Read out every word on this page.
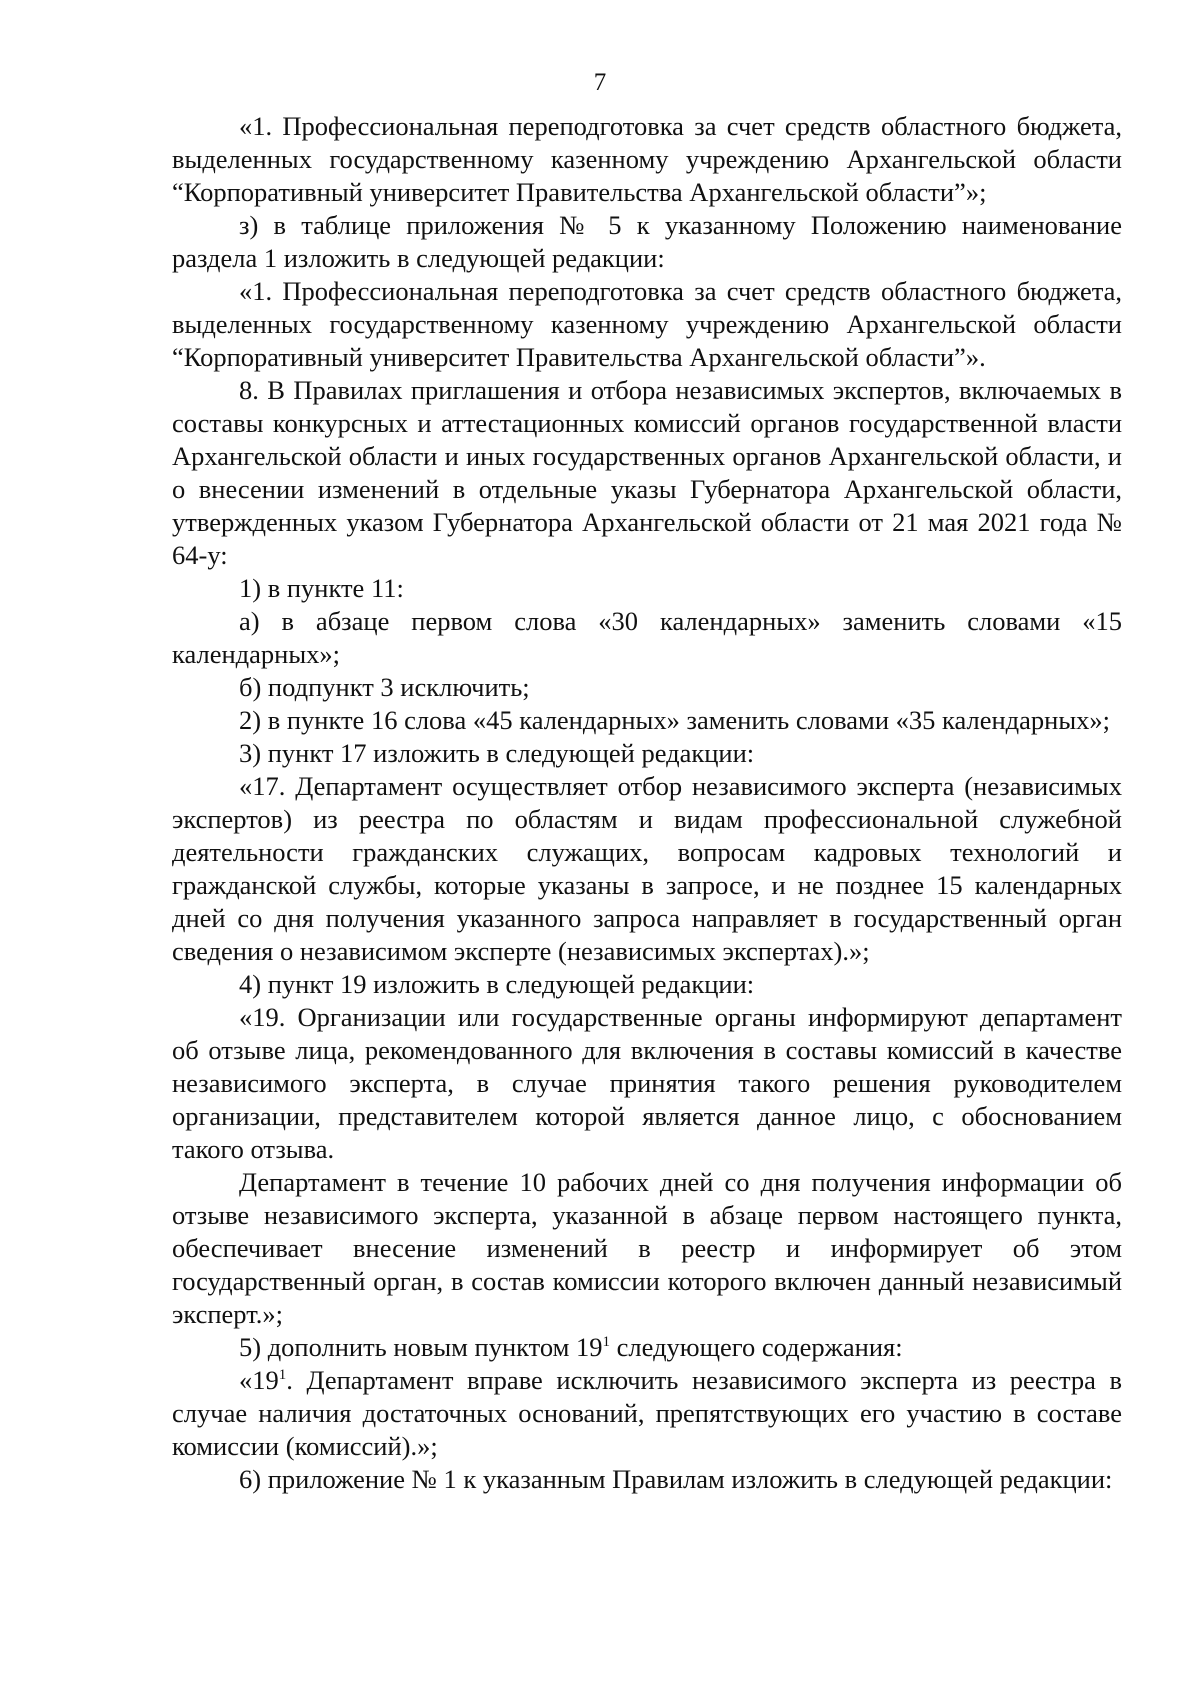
7

«1. Профессиональная переподготовка за счет средств областного бюджета, выделенных государственному казенному учреждению Архангельской области “Корпоративный университет Правительства Архангельской области”»;

з) в таблице приложения № 5 к указанному Положению наименование раздела 1 изложить в следующей редакции:

«1. Профессиональная переподготовка за счет средств областного бюджета, выделенных государственному казенному учреждению Архангельской области “Корпоративный университет Правительства Архангельской области”».

8. В Правилах приглашения и отбора независимых экспертов, включаемых в составы конкурсных и аттестационных комиссий органов государственной власти Архангельской области и иных государственных органов Архангельской области, и о внесении изменений в отдельные указы Губернатора Архангельской области, утвержденных указом Губернатора Архангельской области от 21 мая 2021 года № 64-у:

1) в пункте 11:

а) в абзаце первом слова «30 календарных» заменить словами «15 календарных»;

б) подпункт 3 исключить;

2) в пункте 16 слова «45 календарных» заменить словами «35 календарных»;

3) пункт 17 изложить в следующей редакции:

«17. Департамент осуществляет отбор независимого эксперта (независимых экспертов) из реестра по областям и видам профессиональной служебной деятельности гражданских служащих, вопросам кадровых технологий и гражданской службы, которые указаны в запросе, и не позднее 15 календарных дней со дня получения указанного запроса направляет в государственный орган сведения о независимом эксперте (независимых экспертах).»;

4) пункт 19 изложить в следующей редакции:

«19. Организации или государственные органы информируют департамент об отзыве лица, рекомендованного для включения в составы комиссий в качестве независимого эксперта, в случае принятия такого решения руководителем организации, представителем которой является данное лицо, с обоснованием такого отзыва.

Департамент в течение 10 рабочих дней со дня получения информации об отзыве независимого эксперта, указанной в абзаце первом настоящего пункта, обеспечивает внесение изменений в реестр и информирует об этом государственный орган, в состав комиссии которого включен данный независимый эксперт.»;

5) дополнить новым пунктом $19^1$ следующего содержания:

«$19^1$. Департамент вправе исключить независимого эксперта из реестра в случае наличия достаточных оснований, препятствующих его участию в составе комиссии (комиссий).»;

6) приложение № 1 к указанным Правилам изложить в следующей редакции:
